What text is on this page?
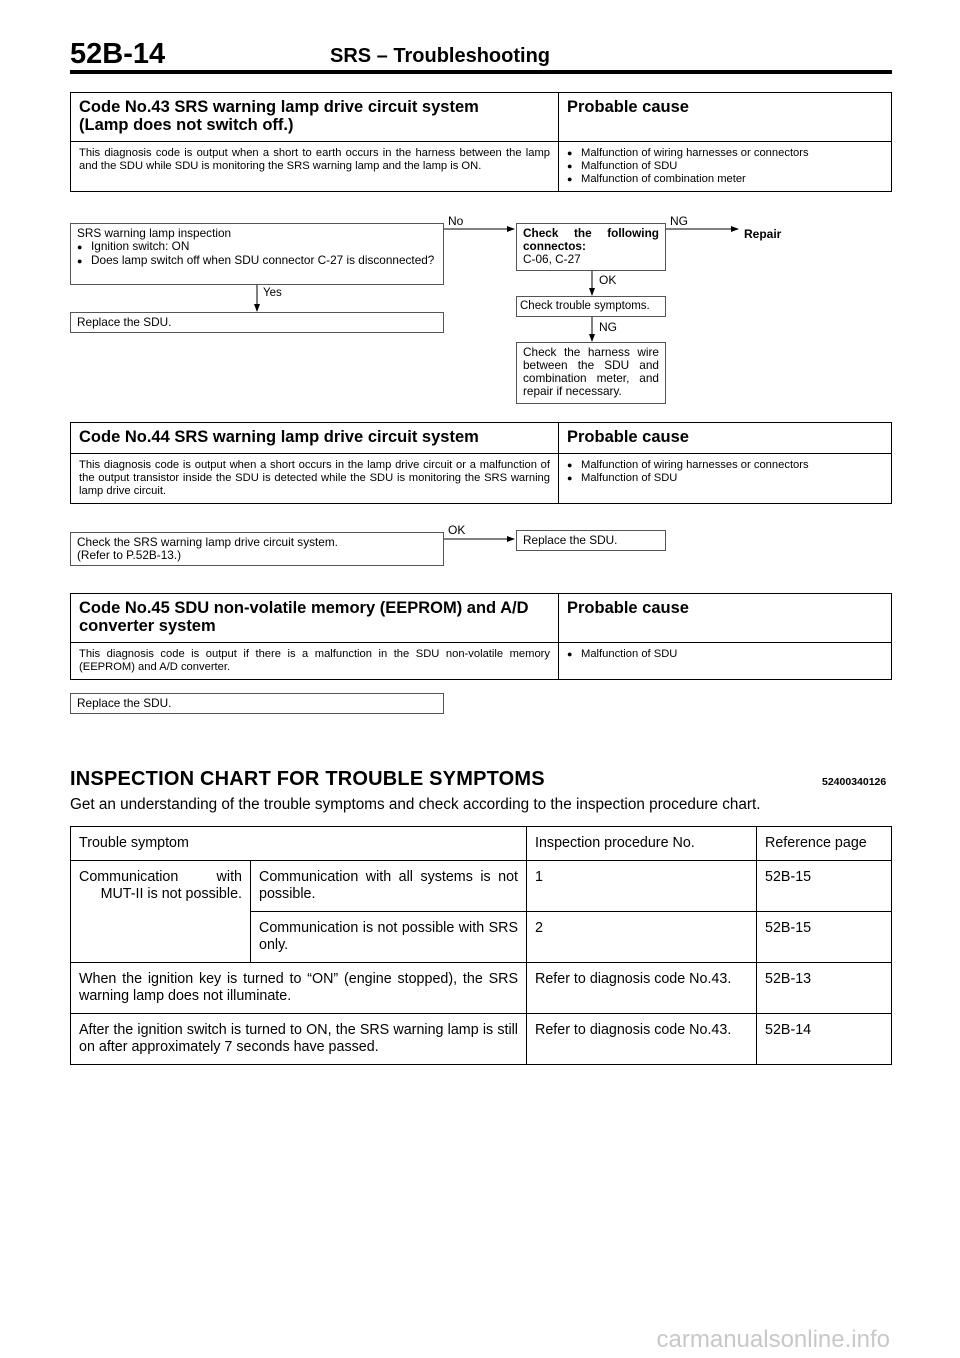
52B-14	SRS – Troubleshooting
Code No.43 SRS warning lamp drive circuit system
(Lamp does not switch off.)	Probable cause
This diagnosis code is output when a short to earth occurs in the harness between the lamp and the SDU while SDU is monitoring the SRS warning lamp and the lamp is ON.	● Malfunction of wiring harnesses or connectors
● Malfunction of SDU
● Malfunction of combination meter
SRS warning lamp inspection
● Ignition switch: ON
● Does lamp switch off when SDU connector C-27 is disconnected?
No
Yes
Replace the SDU.
Check the following
connectos:
C-06, C-27
NG
Repair
OK
Check trouble symptoms.
NG
Check the harness wire between the SDU and combination meter, and repair if necessary.
Code No.44 SRS warning lamp drive circuit system	Probable cause
This diagnosis code is output when a short occurs in the lamp drive circuit or a malfunction of the output transistor inside the SDU is detected while the SDU is monitoring the SRS warning lamp drive circuit.	● Malfunction of wiring harnesses or connectors
● Malfunction of SDU
Check the SRS warning lamp drive circuit system.
(Refer to P.52B-13.)
OK
Replace the SDU.
Code No.45 SDU non-volatile memory (EEPROM) and A/D
converter system	Probable cause
This diagnosis code is output if there is a malfunction in the SDU non-volatile memory (EEPROM) and A/D converter.	● Malfunction of SDU
Replace the SDU.
INSPECTION CHART FOR TROUBLE SYMPTOMS	52400340126
Get an understanding of the trouble symptoms and check according to the inspection procedure chart.
Trouble symptom		Inspection procedure No.	Reference page

Communication with
MUT-II is not possible.	Communication with all systems is not possible.	1	52B-15
	Communication is not possible with SRS only.	2	52B-15
When the ignition key is turned to “ON” (engine stopped), the SRS warning lamp does not illuminate.		Refer to diagnosis code No.43.	52B-13
After the ignition switch is turned to ON, the SRS warning lamp is still on after approximately 7 seconds have passed.		Refer to diagnosis code No.43.	52B-14
carmanualsonline.info
